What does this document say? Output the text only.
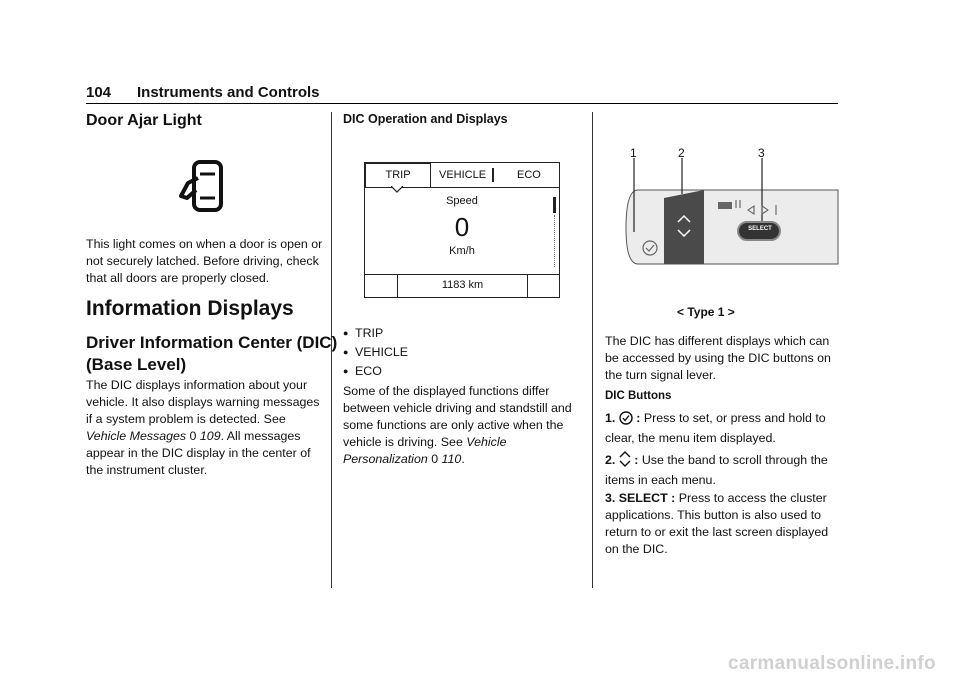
104 Instruments and Controls
Door Ajar Light
This light comes on when a door is open or not securely latched. Before driving, check that all doors are properly closed.
Information Displays
Driver Information Center (DIC)
(Base Level)
The DIC displays information about your vehicle. It also displays warning messages if a system problem is detected. See Vehicle Messages 0 109. All messages appear in the DIC display in the center of the instrument cluster.
DIC Operation and Displays
TRIP	VEHICLE	ECO
Speed
0
Km/h
1183 km
● TRIP
● VEHICLE
● ECO
Some of the displayed functions differ between vehicle driving and standstill and some functions are only active when the vehicle is driving. See Vehicle Personalization 0 110.
1	2	3
SELECT
< Type 1 >
The DIC has different displays which can be accessed by using the DIC buttons on the turn signal lever.
DIC Buttons
1. : Press to set, or press and hold to clear, the menu item displayed.
2. : Use the band to scroll through the items in each menu.
3. SELECT : Press to access the cluster applications. This button is also used to return to or exit the last screen displayed on the DIC.
carmanualsonline.info
